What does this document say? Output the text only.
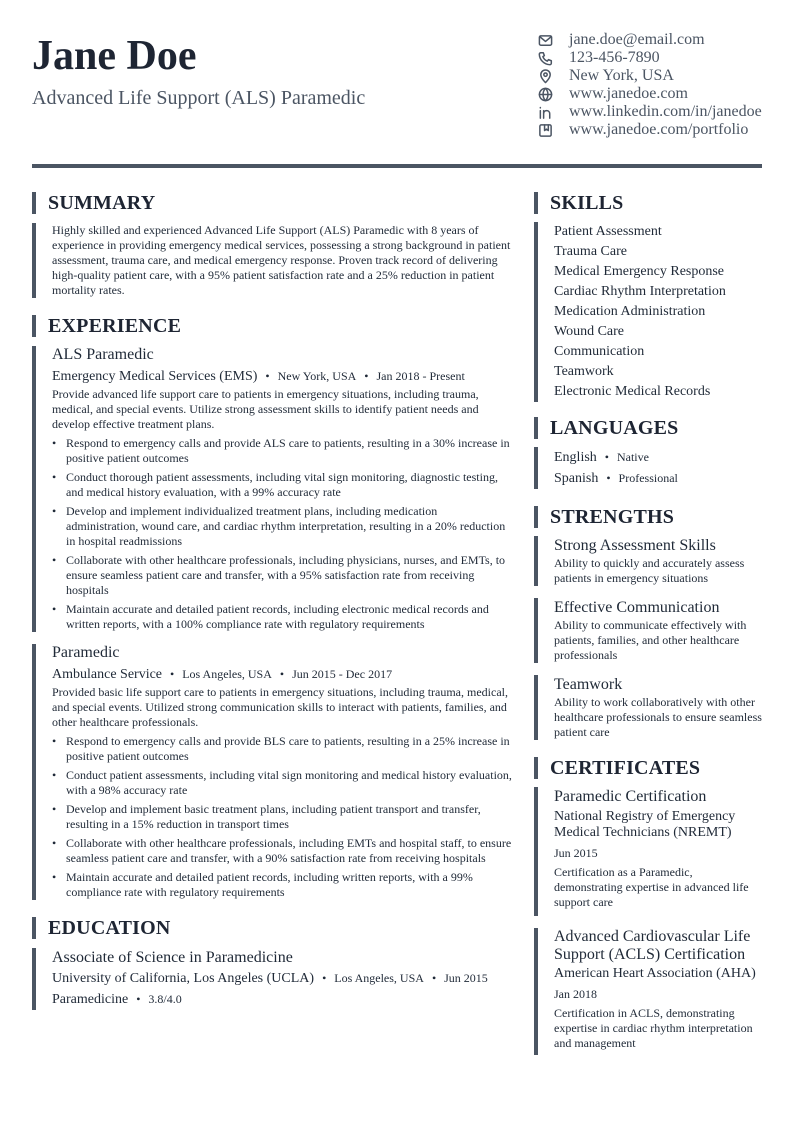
Jane Doe
Advanced Life Support (ALS) Paramedic
jane.doe@email.com
123-456-7890
New York, USA
www.janedoe.com
www.linkedin.com/in/janedoe
www.janedoe.com/portfolio
SUMMARY
Highly skilled and experienced Advanced Life Support (ALS) Paramedic with 8 years of experience in providing emergency medical services, possessing a strong background in patient assessment, trauma care, and medical emergency response. Proven track record of delivering high-quality patient care, with a 95% patient satisfaction rate and a 25% reduction in patient mortality rates.
EXPERIENCE
ALS Paramedic
Emergency Medical Services (EMS) • New York, USA • Jan 2018 - Present
Provide advanced life support care to patients in emergency situations, including trauma, medical, and special events. Utilize strong assessment skills to identify patient needs and develop effective treatment plans.
• Respond to emergency calls and provide ALS care to patients, resulting in a 30% increase in positive patient outcomes
• Conduct thorough patient assessments, including vital sign monitoring, diagnostic testing, and medical history evaluation, with a 99% accuracy rate
• Develop and implement individualized treatment plans, including medication administration, wound care, and cardiac rhythm interpretation, resulting in a 20% reduction in hospital readmissions
• Collaborate with other healthcare professionals, including physicians, nurses, and EMTs, to ensure seamless patient care and transfer, with a 95% satisfaction rate from receiving hospitals
• Maintain accurate and detailed patient records, including electronic medical records and written reports, with a 100% compliance rate with regulatory requirements
Paramedic
Ambulance Service • Los Angeles, USA • Jun 2015 - Dec 2017
Provided basic life support care to patients in emergency situations, including trauma, medical, and special events. Utilized strong communication skills to interact with patients, families, and other healthcare professionals.
• Respond to emergency calls and provide BLS care to patients, resulting in a 25% increase in positive patient outcomes
• Conduct patient assessments, including vital sign monitoring and medical history evaluation, with a 98% accuracy rate
• Develop and implement basic treatment plans, including patient transport and transfer, resulting in a 15% reduction in transport times
• Collaborate with other healthcare professionals, including EMTs and hospital staff, to ensure seamless patient care and transfer, with a 90% satisfaction rate from receiving hospitals
• Maintain accurate and detailed patient records, including written reports, with a 99% compliance rate with regulatory requirements
EDUCATION
Associate of Science in Paramedicine
University of California, Los Angeles (UCLA) • Los Angeles, USA • Jun 2015
Paramedicine • 3.8/4.0
SKILLS
Patient Assessment
Trauma Care
Medical Emergency Response
Cardiac Rhythm Interpretation
Medication Administration
Wound Care
Communication
Teamwork
Electronic Medical Records
LANGUAGES
English • Native
Spanish • Professional
STRENGTHS
Strong Assessment Skills
Ability to quickly and accurately assess patients in emergency situations
Effective Communication
Ability to communicate effectively with patients, families, and other healthcare professionals
Teamwork
Ability to work collaboratively with other healthcare professionals to ensure seamless patient care
CERTIFICATES
Paramedic Certification
National Registry of Emergency Medical Technicians (NREMT)
Jun 2015
Certification as a Paramedic, demonstrating expertise in advanced life support care
Advanced Cardiovascular Life Support (ACLS) Certification
American Heart Association (AHA)
Jan 2018
Certification in ACLS, demonstrating expertise in cardiac rhythm interpretation and management
